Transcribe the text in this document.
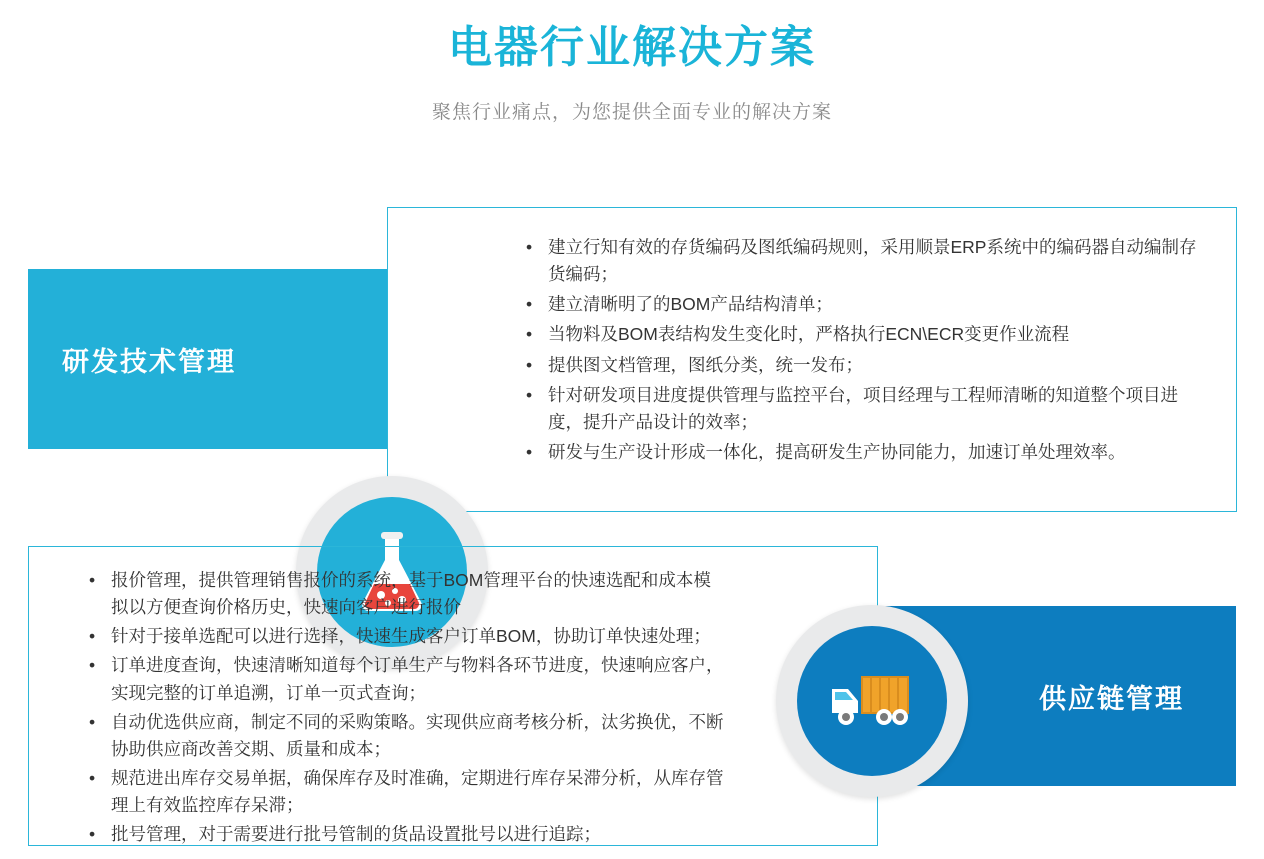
电器行业解决方案
聚焦行业痛点，为您提供全面专业的解决方案
研发技术管理
• 建立行知有效的存货编码及图纸编码规则，采用顺景ERP系统中的编码器自动编制存货编码；
• 建立清晰明了的BOM产品结构清单；
• 当物料及BOM表结构发生变化时，严格执行ECN\ECR变更作业流程
• 提供图文档管理，图纸分类，统一发布；
• 针对研发项目进度提供管理与监控平台，项目经理与工程师清晰的知道整个项目进度，提升产品设计的效率；
• 研发与生产设计形成一体化，提高研发生产协同能力，加速订单处理效率。
• 报价管理，提供管理销售报价的系统，基于BOM管理平台的快速选配和成本模拟以方便查询价格历史，快速向客户进行报价
• 针对于接单选配可以进行选择，快速生成客户订单BOM，协助订单快速处理；
• 订单进度查询，快速清晰知道每个订单生产与物料各环节进度，快速响应客户，实现完整的订单追溯，订单一页式查询；
• 自动优选供应商，制定不同的采购策略。实现供应商考核分析，汰劣换优，不断协助供应商改善交期、质量和成本；
• 规范进出库存交易单据，确保库存及时准确，定期进行库存呆滞分析，从库存管理上有效监控库存呆滞；
• 批号管理，对于需要进行批号管制的货品设置批号以进行追踪；
供应链管理
